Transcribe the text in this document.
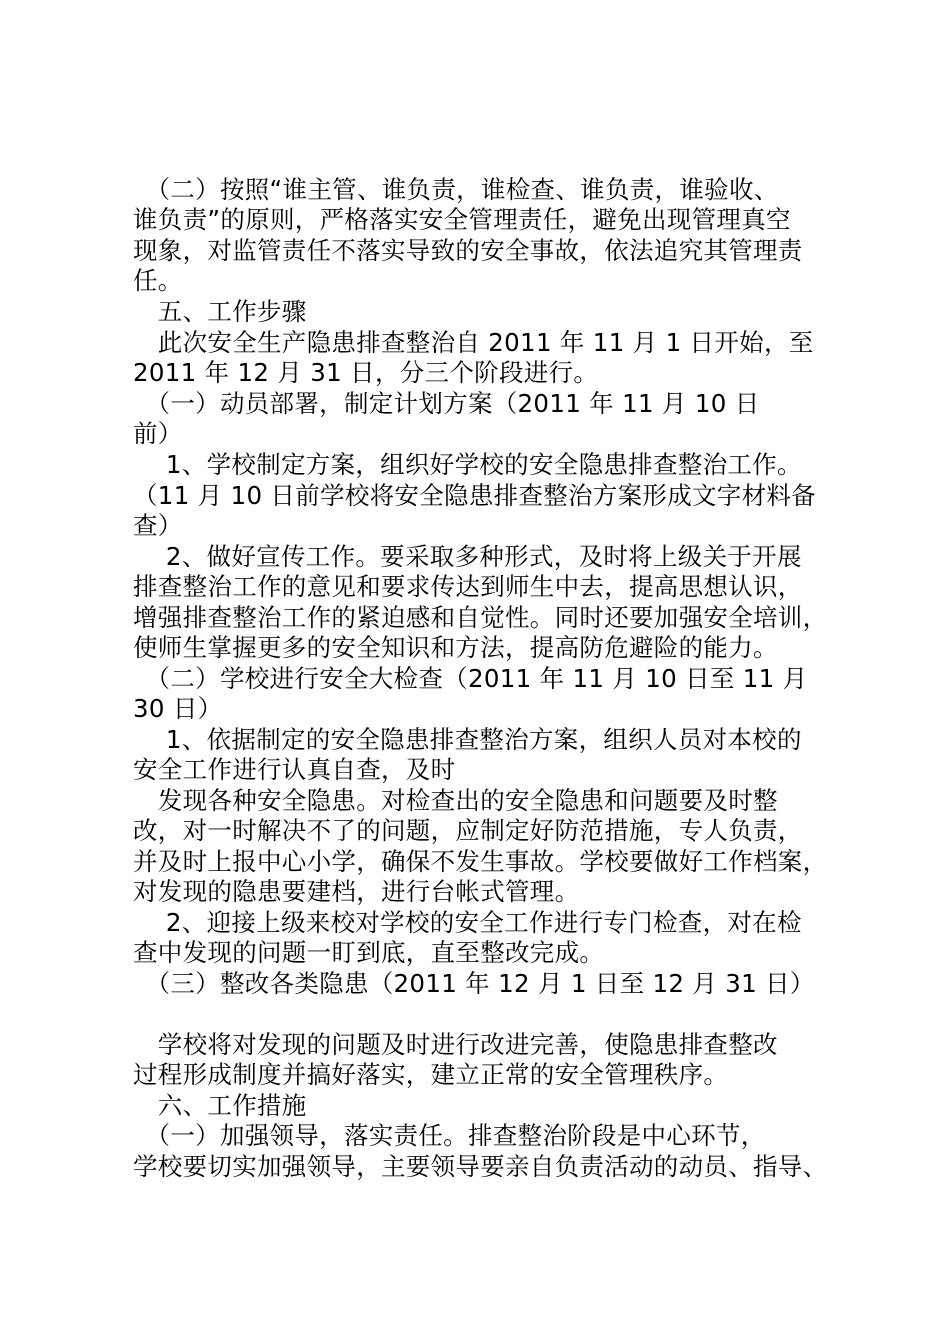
　（二）按照“谁主管、谁负责，谁检查、谁负责，谁验收、
谁负责”的原则，严格落实安全管理责任，避免出现管理真空
现象，对监管责任不落实导致的安全事故，依法追究其管理责
任。
　五、工作步骤
　此次安全生产隐患排查整治自 2011 年 11 月 1 日开始，至
2011 年 12 月 31 日，分三个阶段进行。
　（一）动员部署，制定计划方案（2011 年 11 月 10 日
前）
　 1、学校制定方案，组织好学校的安全隐患排查整治工作。
（11 月 10 日前学校将安全隐患排查整治方案形成文字材料备
查）
　 2、做好宣传工作。要采取多种形式，及时将上级关于开展
排查整治工作的意见和要求传达到师生中去，提高思想认识，
增强排查整治工作的紧迫感和自觉性。同时还要加强安全培训，
使师生掌握更多的安全知识和方法，提高防危避险的能力。
　（二）学校进行安全大检查（2011 年 11 月 10 日至 11 月
30 日）
　 1、依据制定的安全隐患排查整治方案，组织人员对本校的
安全工作进行认真自查，及时
　发现各种安全隐患。对检查出的安全隐患和问题要及时整
改，对一时解决不了的问题，应制定好防范措施，专人负责，
并及时上报中心小学，确保不发生事故。学校要做好工作档案，
对发现的隐患要建档，进行台帐式管理。
　 2、迎接上级来校对学校的安全工作进行专门检查，对在检
查中发现的问题一盯到底，直至整改完成。
　（三）整改各类隐患（2011 年 12 月 1 日至 12 月 31 日）
　学校将对发现的问题及时进行改进完善，使隐患排查整改
过程形成制度并搞好落实，建立正常的安全管理秩序。
　六、工作措施
　（一）加强领导，落实责任。排查整治阶段是中心环节，
学校要切实加强领导，主要领导要亲自负责活动的动员、指导、
